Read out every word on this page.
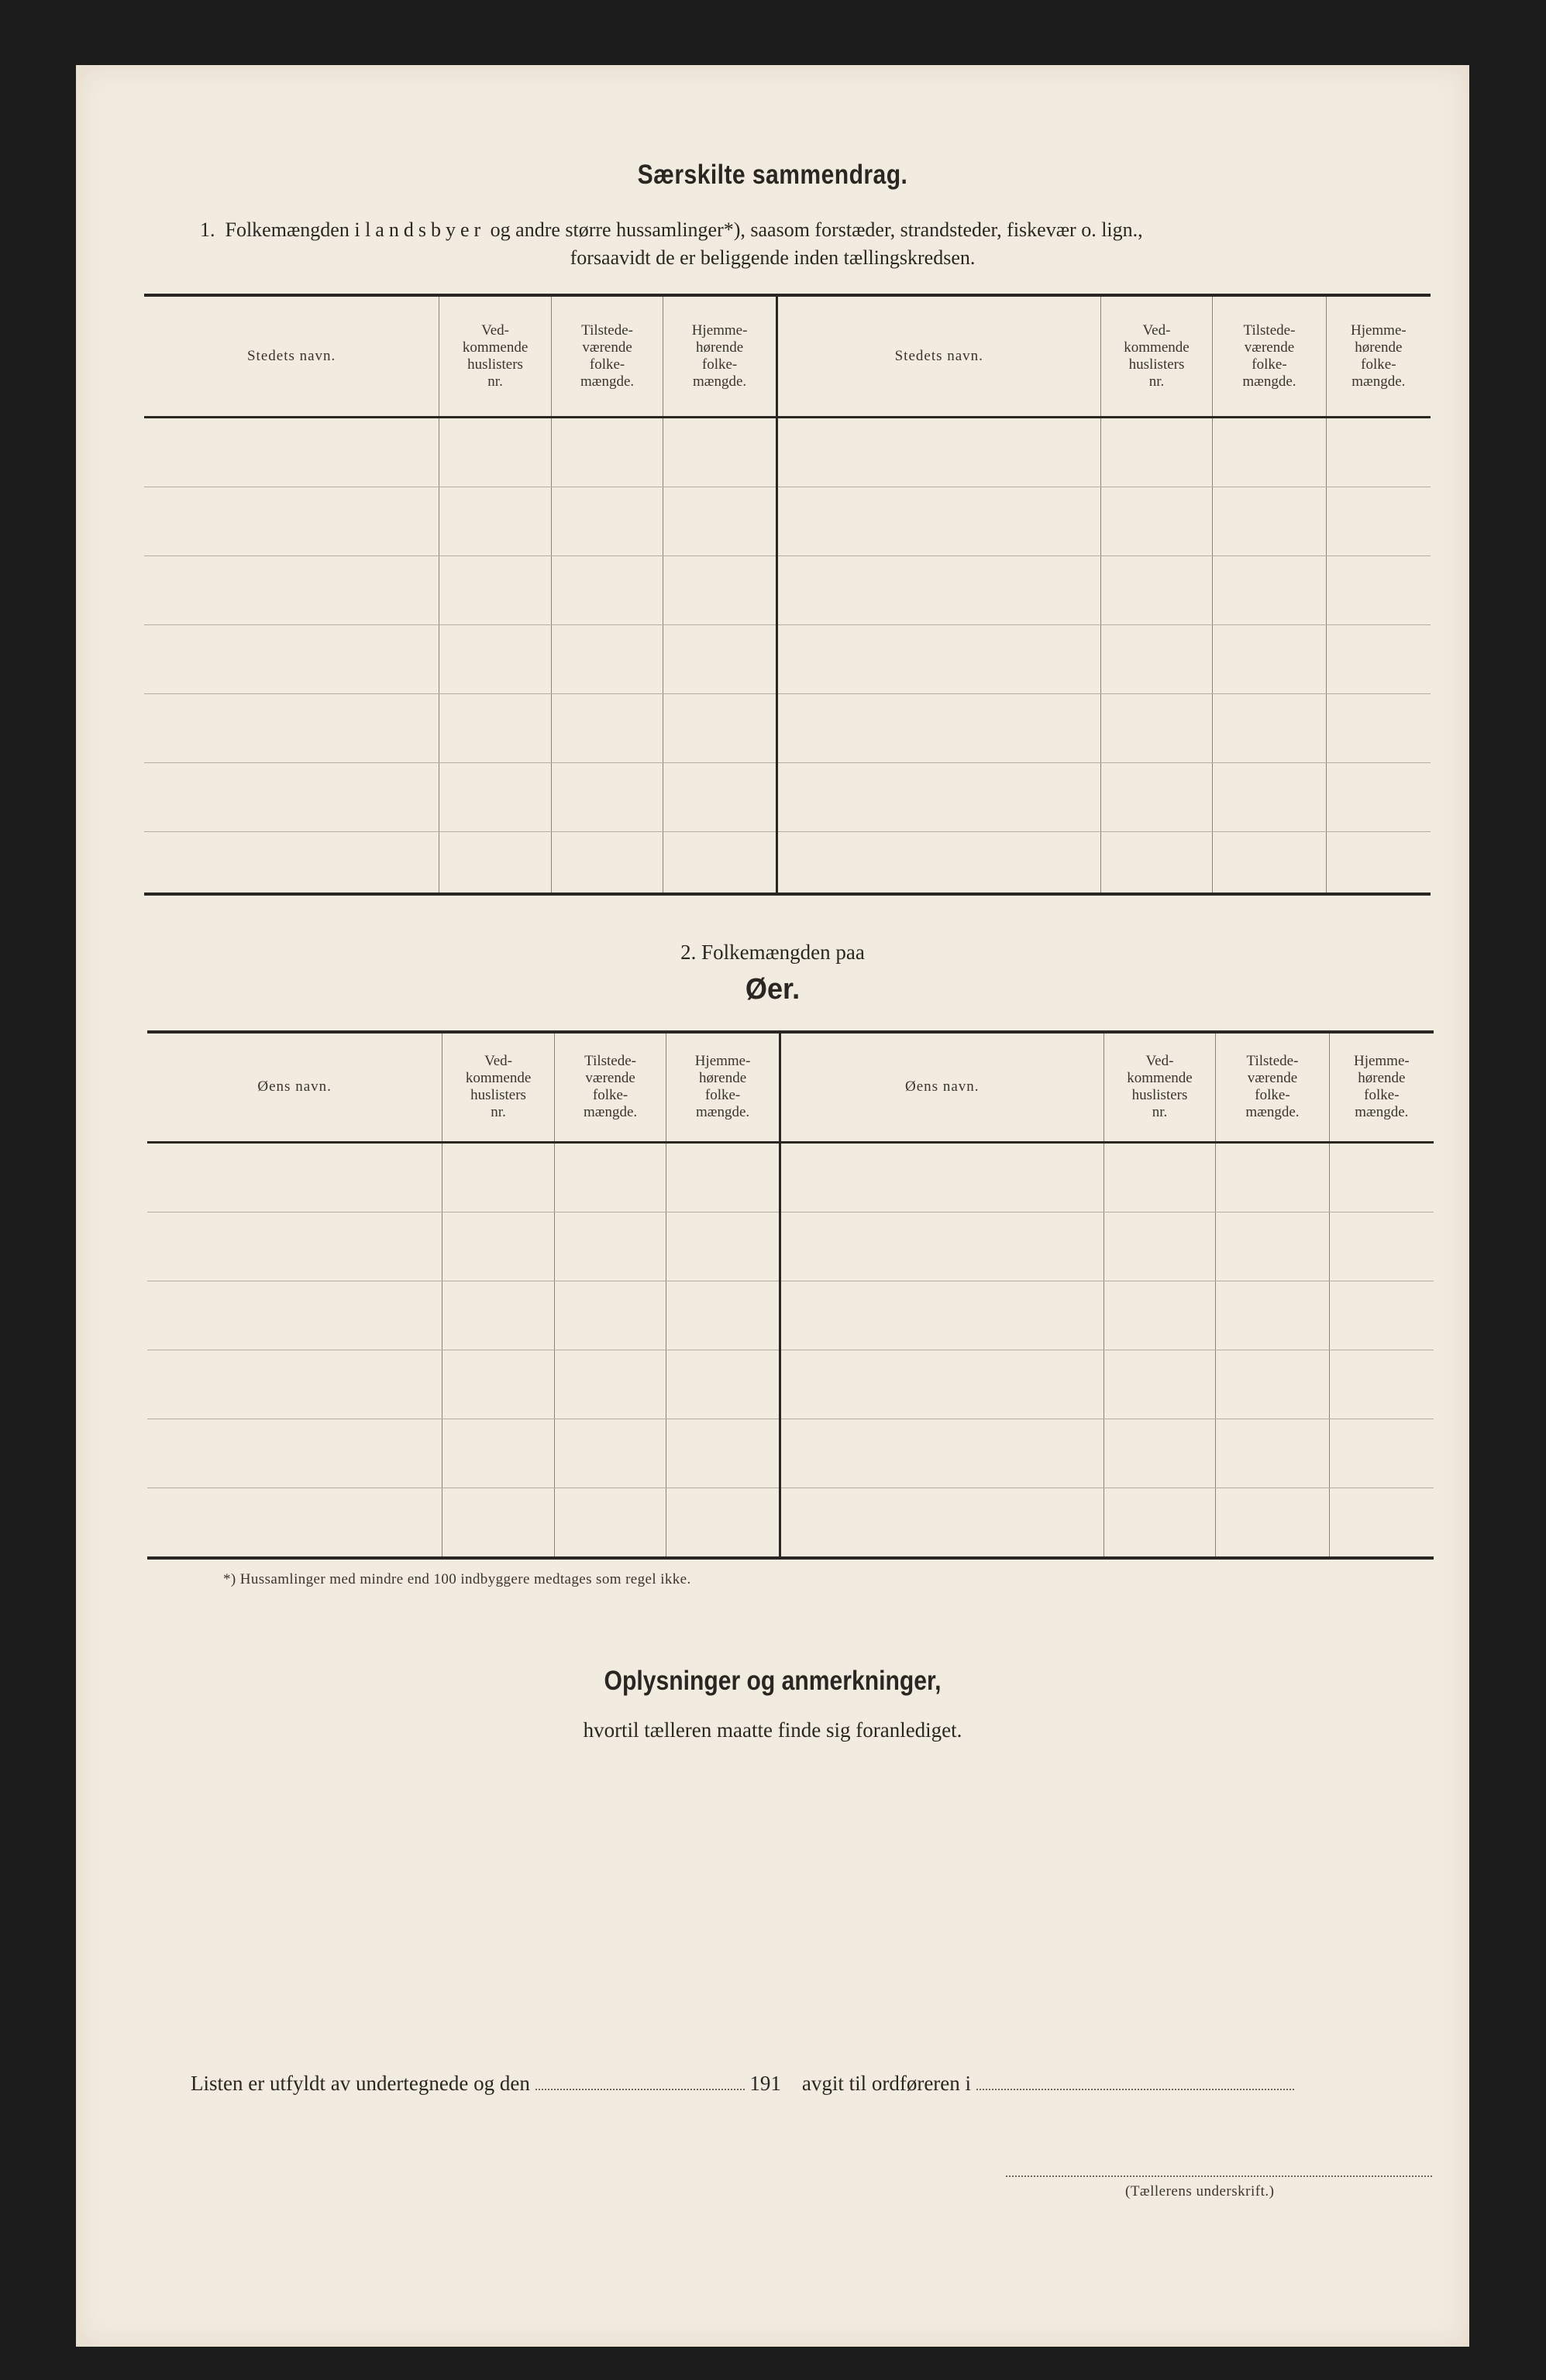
Særskilte sammendrag.
1. Folkemængden i landsbyer og andre større hussamlinger*), saasom forstæder, strandsteder, fiskevær o. lign.,
forsaavidt de er beliggende inden tællingskredsen.
Stedets navn.	Ved-
kommende
huslisters
nr.	Tilstede-
værende
folke-
mængde.	Hjemme-
hørende
folke-
mængde.	Stedets navn.	Ved-
kommende
huslisters
nr.	Tilstede-
værende
folke-
mængde.	Hjemme-
hørende
folke-
mængde.

2. Folkemængden paa
Øer.
Øens navn.	Ved-
kommende
huslisters
nr.	Tilstede-
værende
folke-
mængde.	Hjemme-
hørende
folke-
mængde.	Øens navn.	Ved-
kommende
huslisters
nr.	Tilstede-
værende
folke-
mængde.	Hjemme-
hørende
folke-
mængde.

*) Hussamlinger med mindre end 100 indbyggere medtages som regel ikke.
Oplysninger og anmerkninger,
hvortil tælleren maatte finde sig foranlediget.
Listen er utfyldt av undertegnede og den	191 avgit til ordføreren i
(Tællerens underskrift.)
